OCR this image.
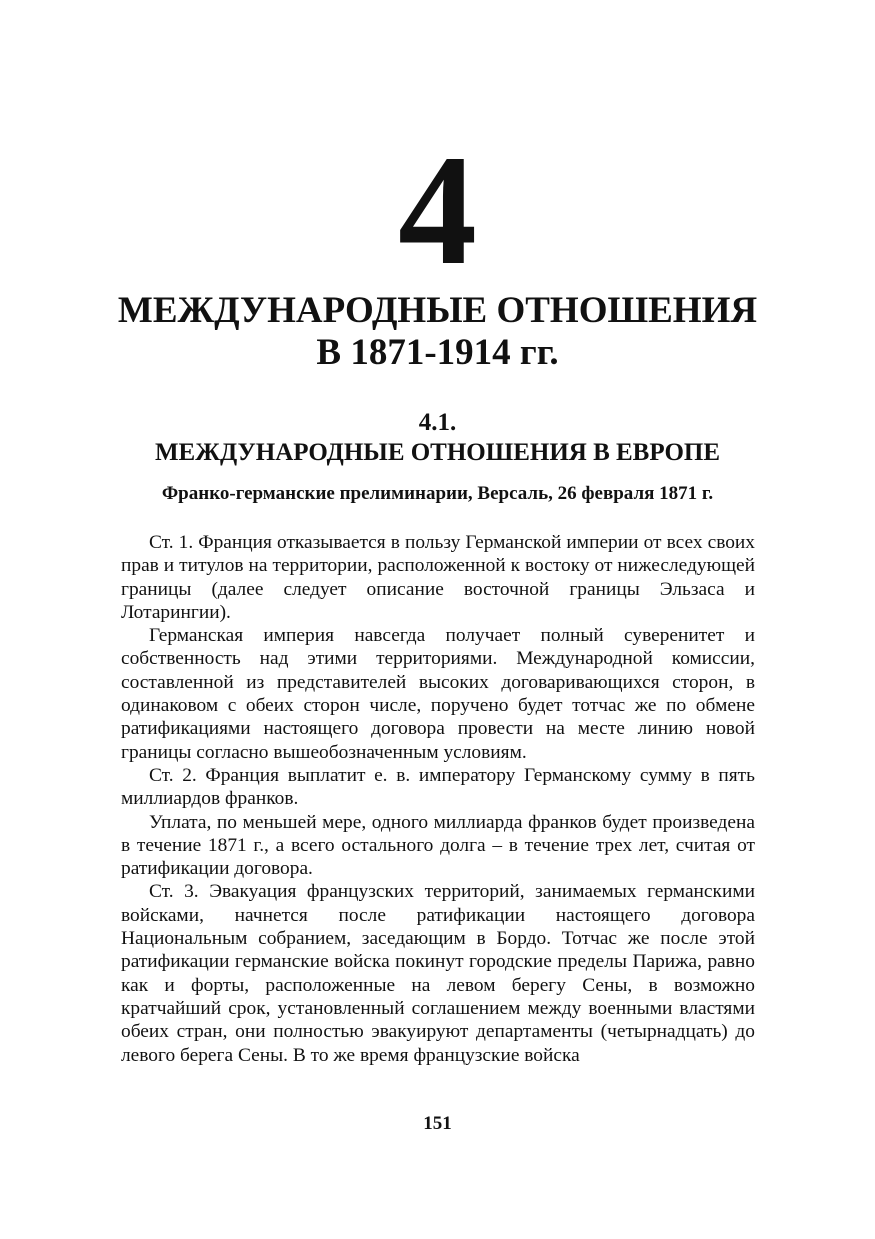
4
МЕЖДУНАРОДНЫЕ ОТНОШЕНИЯ
В 1871-1914 гг.
4.1.
МЕЖДУНАРОДНЫЕ ОТНОШЕНИЯ В ЕВРОПЕ
Франко-германские прелиминарии, Версаль, 26 февраля 1871 г.

Ст. 1. Франция отказывается в пользу Германской империи от всех своих прав и титулов на территории, расположенной к востоку от нижеследующей границы (далее следует описание восточной границы Эльзаса и Лотарингии).

Германская империя навсегда получает полный суверенитет и собственность над этими территориями. Международной комиссии, составленной из представителей высоких договаривающихся сторон, в одинаковом с обеих сторон числе, поручено будет тотчас же по обмене ратификациями настоящего договора провести на месте линию новой границы согласно вышеобозначенным условиям.

Ст. 2. Франция выплатит е. в. императору Германскому сумму в пять миллиардов франков.

Уплата, по меньшей мере, одного миллиарда франков будет произведена в течение 1871 г., а всего остального долга – в течение трех лет, считая от ратификации договора.

Ст. 3. Эвакуация французских территорий, занимаемых германскими войсками, начнется после ратификации настоящего договора Национальным собранием, заседающим в Бордо. Тотчас же после этой ратификации германские войска покинут городские пределы Парижа, равно как и форты, расположенные на левом берегу Сены, в возможно кратчайший срок, установленный соглашением между военными властями обеих стран, они полностью эвакуируют департаменты (четырнадцать) до левого берега Сены. В то же время французские войска

151
